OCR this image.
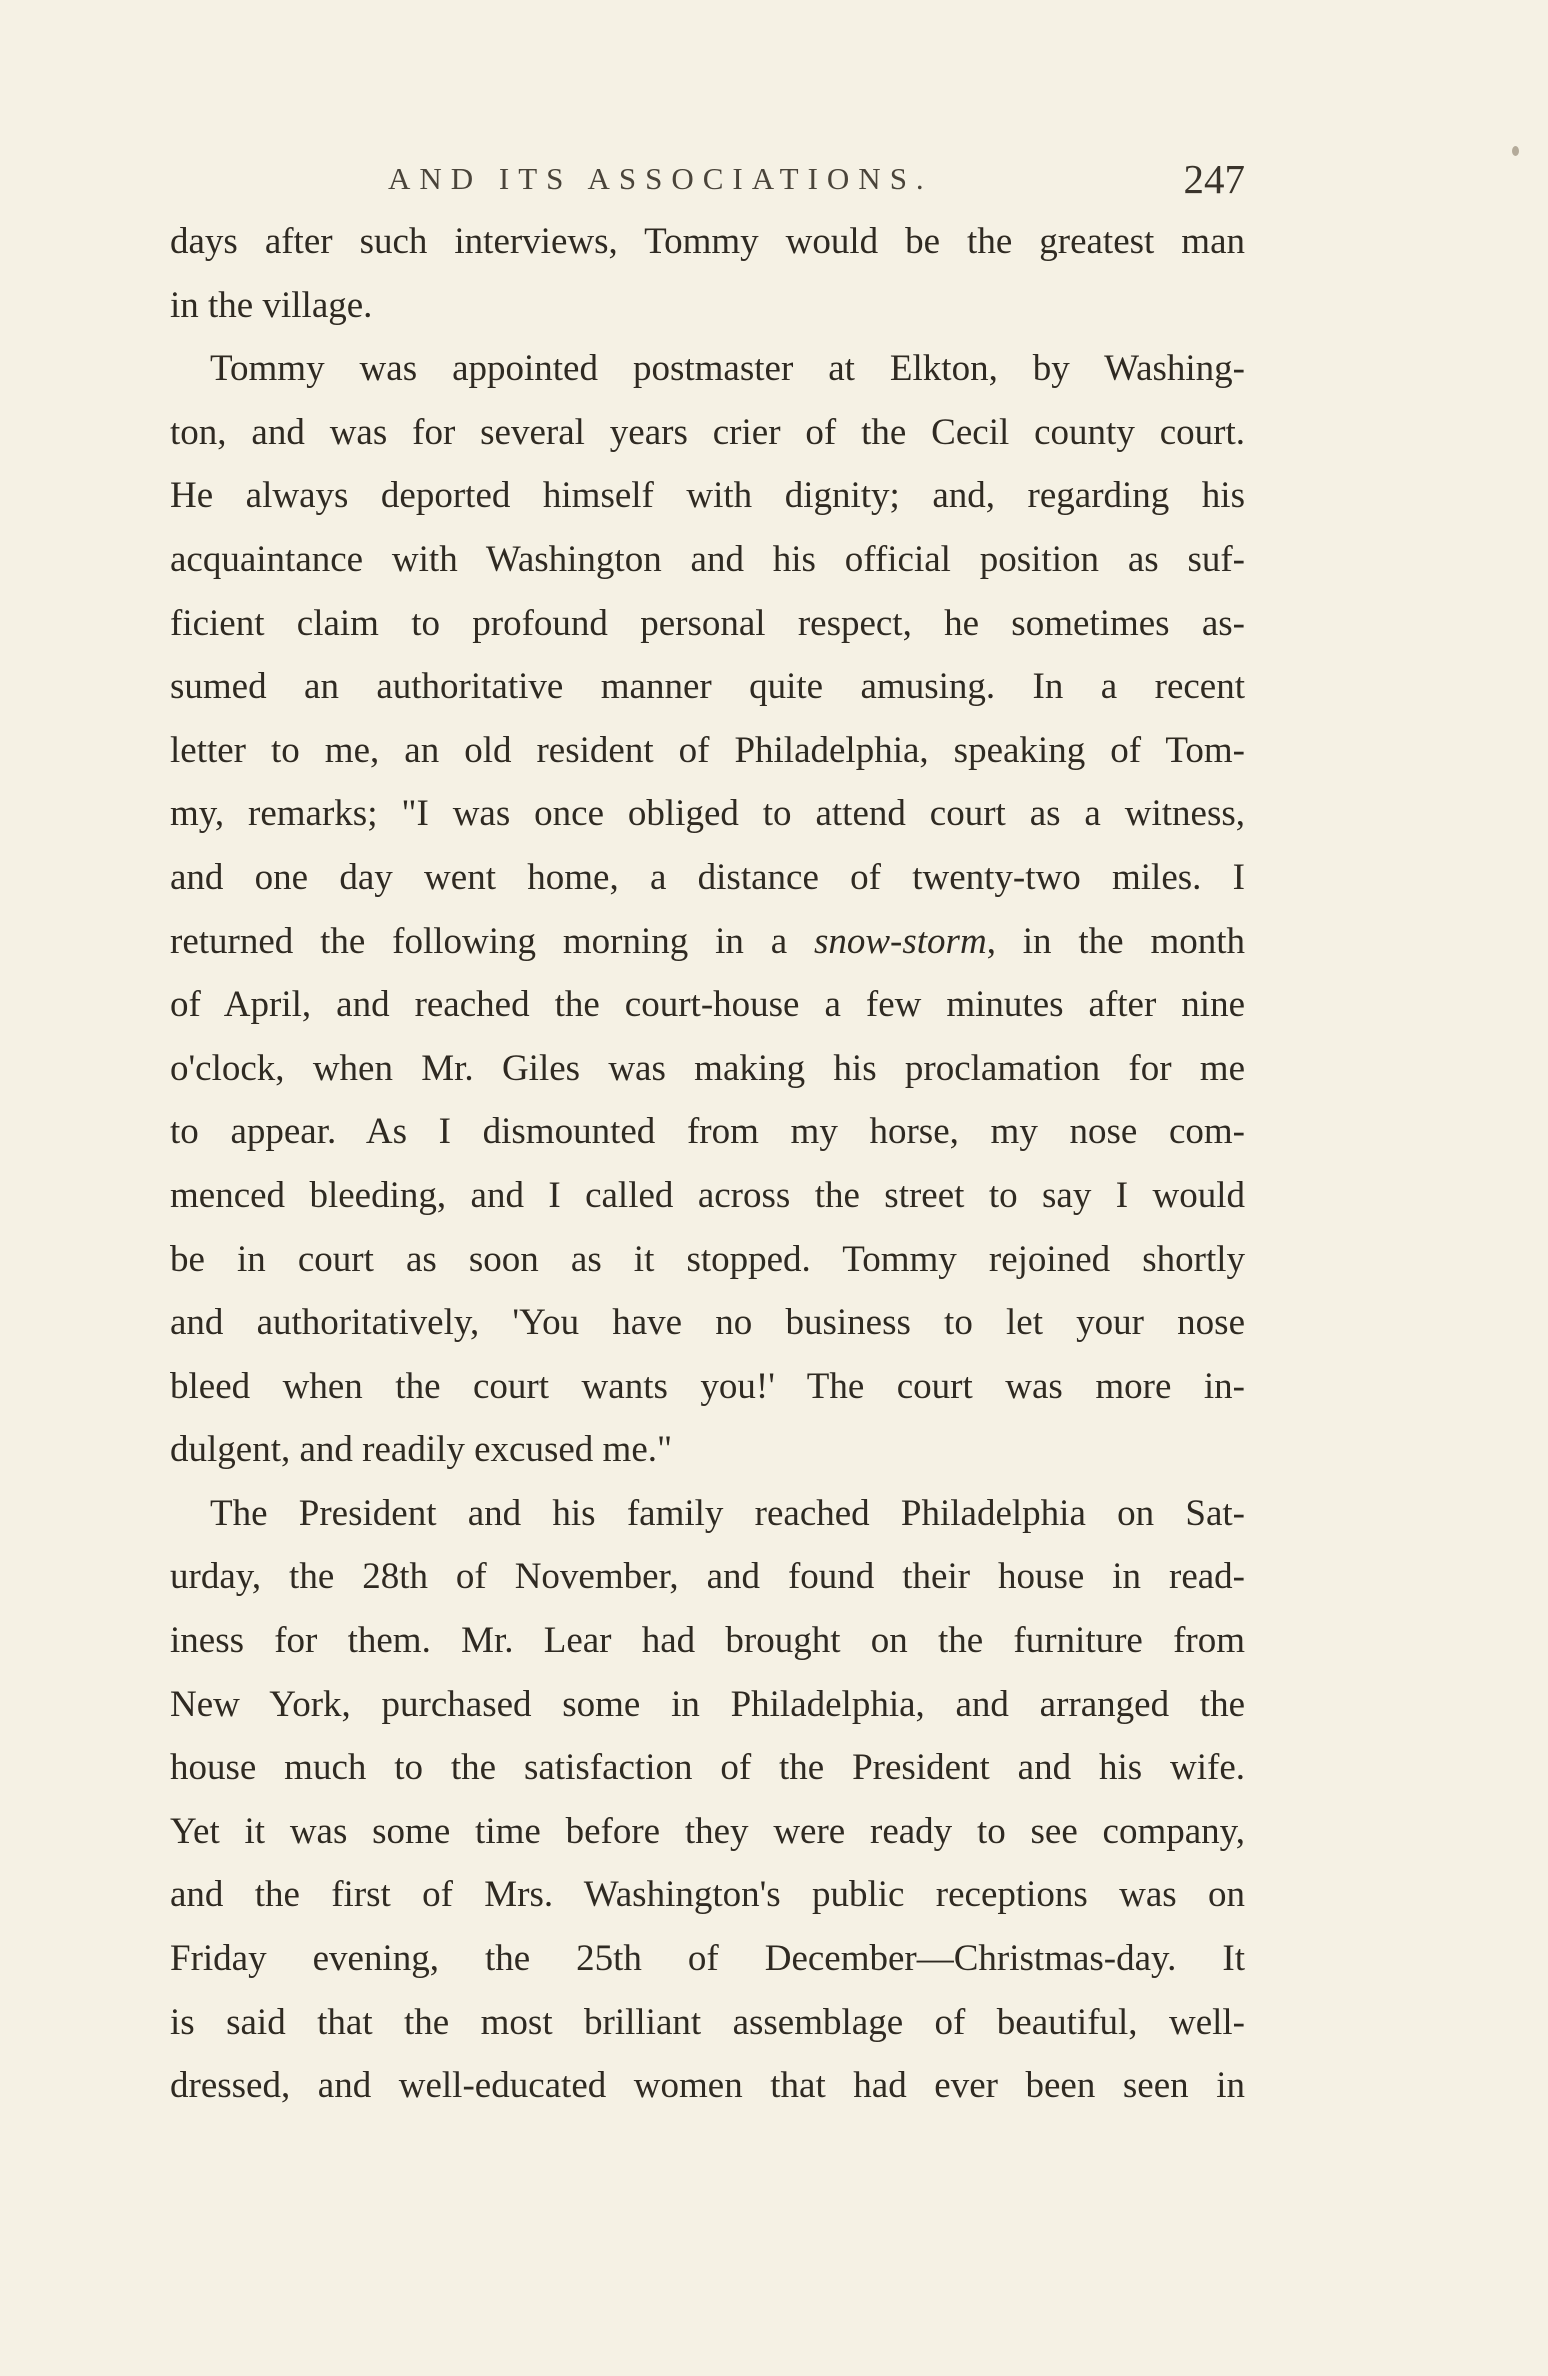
AND ITS ASSOCIATIONS.	247
days after such interviews, Tommy would be the greatest man
in the village.
Tommy was appointed postmaster at Elkton, by Washing-
ton, and was for several years crier of the Cecil county court.
He always deported himself with dignity; and, regarding his
acquaintance with Washington and his official position as suf-
ficient claim to profound personal respect, he sometimes as-
sumed an authoritative manner quite amusing. In a recent
letter to me, an old resident of Philadelphia, speaking of Tom-
my, remarks; "I was once obliged to attend court as a witness,
and one day went home, a distance of twenty-two miles. I
returned the following morning in a snow-storm, in the month
of April, and reached the court-house a few minutes after nine
o'clock, when Mr. Giles was making his proclamation for me
to appear. As I dismounted from my horse, my nose com-
menced bleeding, and I called across the street to say I would
be in court as soon as it stopped. Tommy rejoined shortly
and authoritatively, 'You have no business to let your nose
bleed when the court wants you!' The court was more in-
dulgent, and readily excused me."
The President and his family reached Philadelphia on Sat-
urday, the 28th of November, and found their house in read-
iness for them. Mr. Lear had brought on the furniture from
New York, purchased some in Philadelphia, and arranged the
house much to the satisfaction of the President and his wife.
Yet it was some time before they were ready to see company,
and the first of Mrs. Washington's public receptions was on
Friday evening, the 25th of December—Christmas-day. It
is said that the most brilliant assemblage of beautiful, well-
dressed, and well-educated women that had ever been seen in
